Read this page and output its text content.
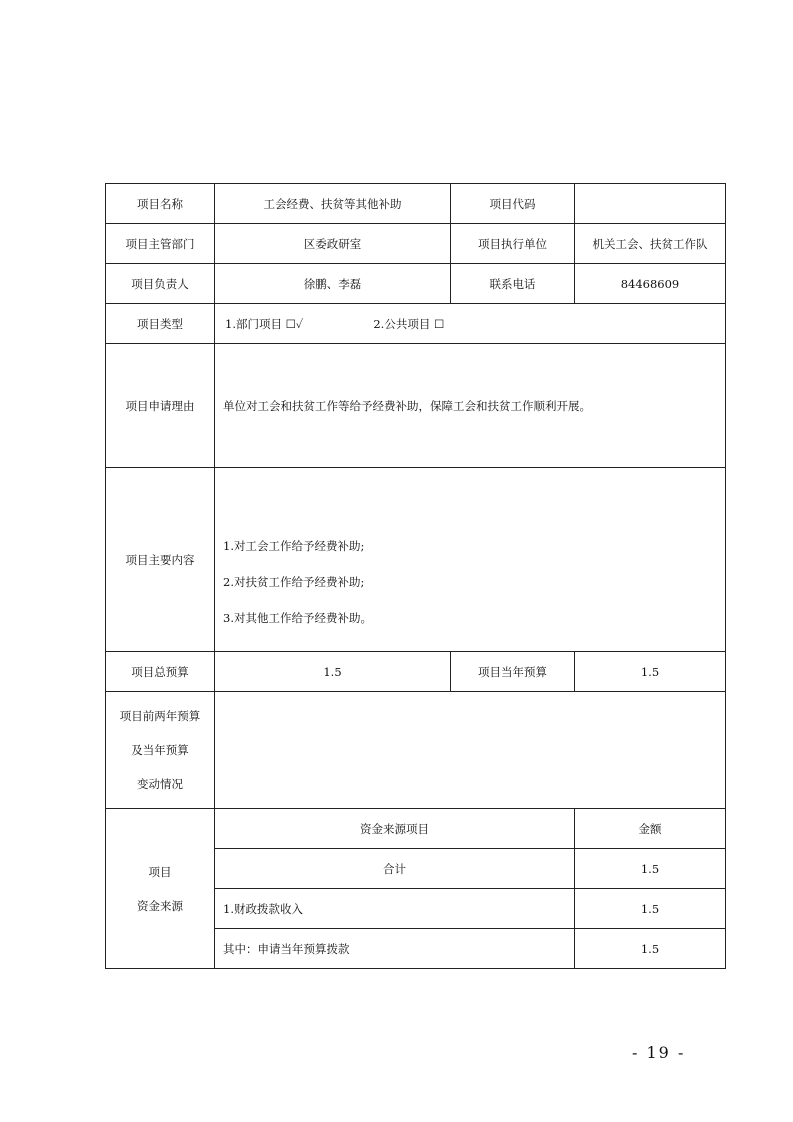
项目名称	工会经费、扶贫等其他补助	项目代码	
项目主管部门	区委政研室	项目执行单位	机关工会、扶贫工作队
项目负责人	徐鹏、李磊	联系电话	84468609
项目类型	1.部门项目 ☐✓ 2.公共项目 ☐		
项目申请理由	单位对工会和扶贫工作等给予经费补助，保障工会和扶贫工作顺利开展。		
项目主要内容	1.对工会工作给予经费补助;

2.对扶贫工作给予经费补助;

3.对其他工作给予经费补助。		

项目总预算	1.5	项目当年预算	1.5

项目前两年预算
及当年预算
变动情况			

项目
资金来源	资金来源项目		金额
	合计		1.5
	1.财政拨款收入		1.5
	其中：申请当年预算拨款		1.5
- 19 -
